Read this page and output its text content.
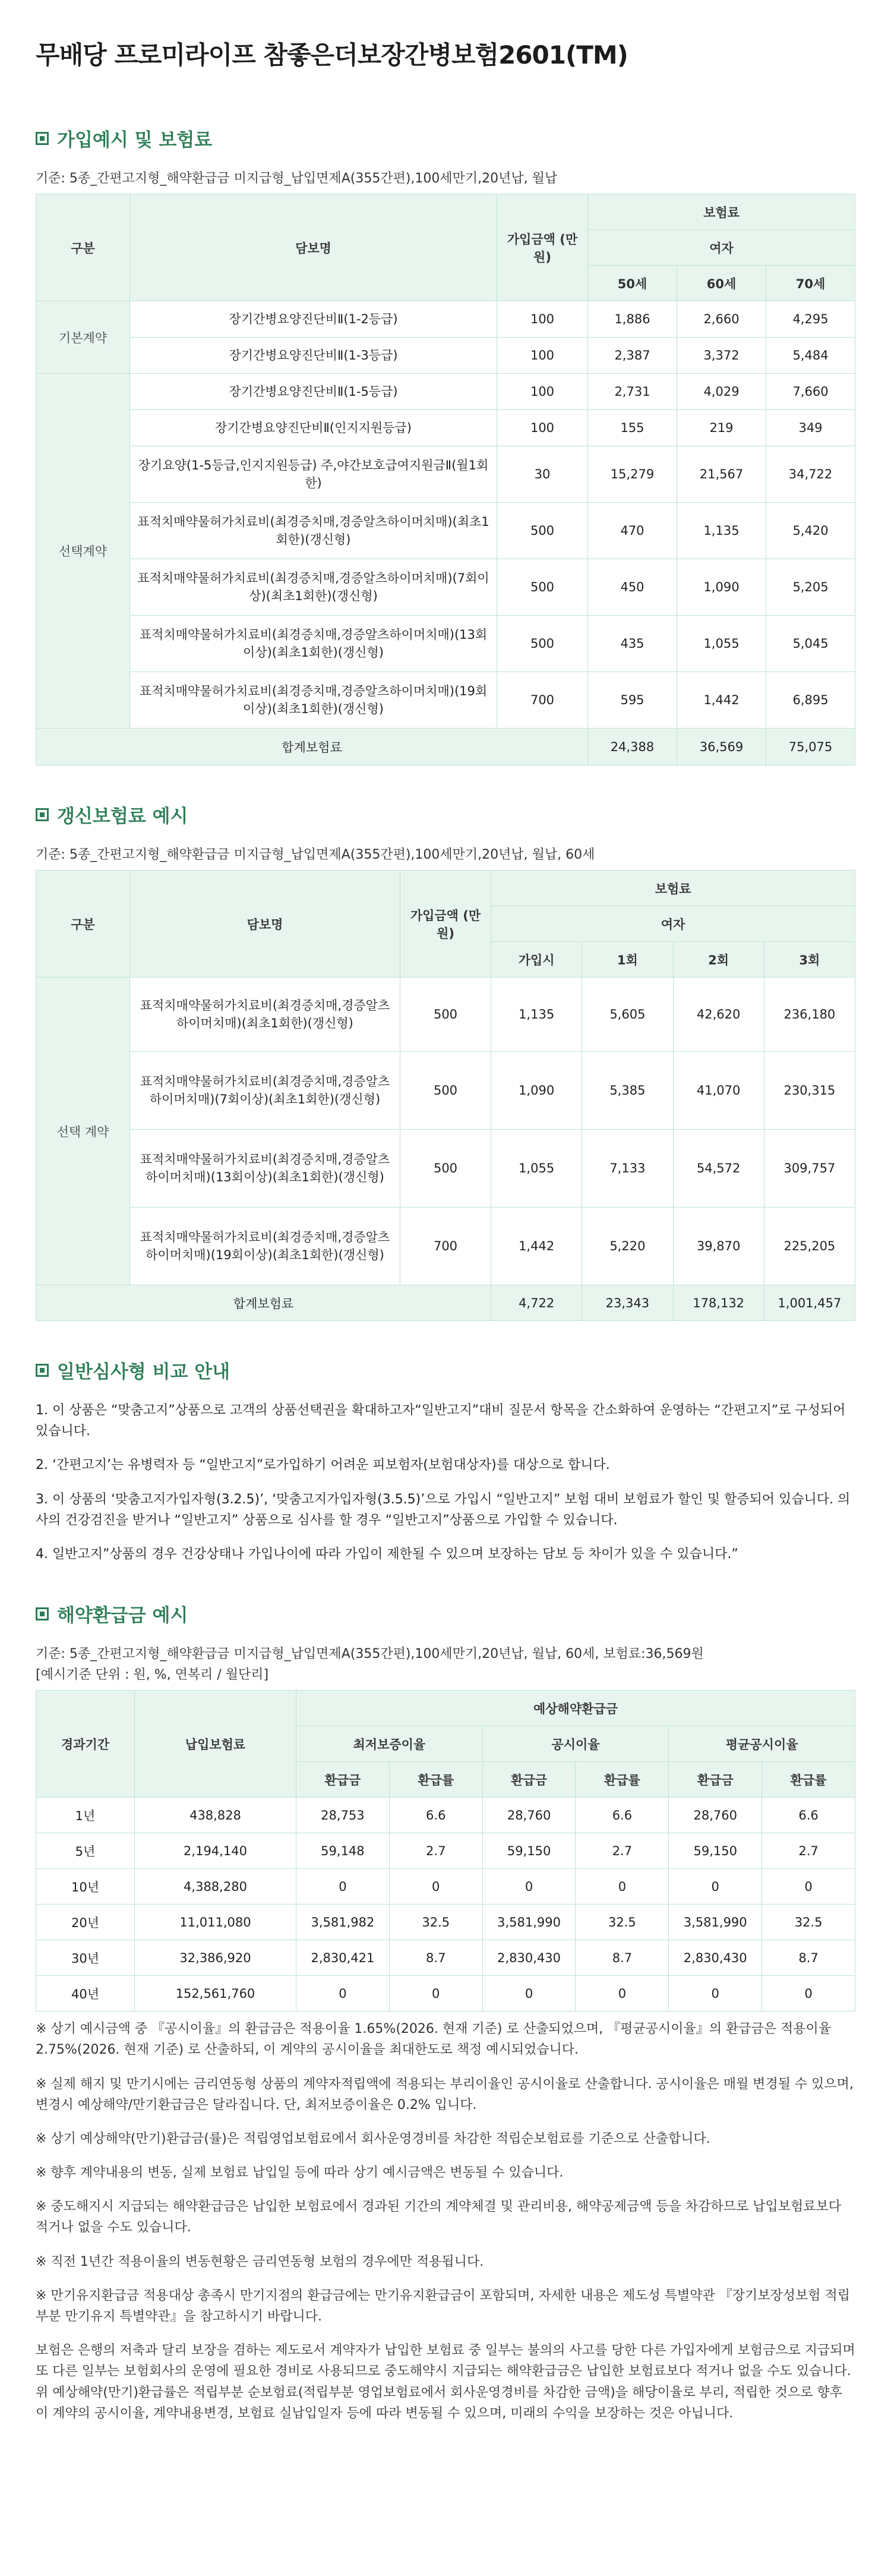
무배당 프로미라이프 참좋은더보장간병보험2601(TM)
가입예시 및 보험료

기준: 5종_간편고지형_해약환급금 미지급형_납입면제A(355간편),100세만기,20년납, 월납

구분	담보명	가입금액 (만원)	보험료		
			여자		
			50세	60세	70세
기본계약	장기간병요양진단비Ⅱ(1-2등급)	100	1,886	2,660	4,295
	장기간병요양진단비Ⅱ(1-3등급)	100	2,387	3,372	5,484
선택계약	장기간병요양진단비Ⅱ(1-5등급)	100	2,731	4,029	7,660
	장기간병요양진단비Ⅱ(인지지원등급)	100	155	219	349
	장기요양(1-5등급,인지지원등급) 주,야간보호급여지원금Ⅱ(월1회한)	30	15,279	21,567	34,722
	표적치매약물허가치료비(최경증치매,경증알츠하이머치매)(최초1회한)(갱신형)	500	470	1,135	5,420
	표적치매약물허가치료비(최경증치매,경증알츠하이머치매)(7회이상)(최초1회한)(갱신형)	500	450	1,090	5,205
	표적치매약물허가치료비(최경증치매,경증알츠하이머치매)(13회이상)(최초1회한)(갱신형)	500	435	1,055	5,045
	표적치매약물허가치료비(최경증치매,경증알츠하이머치매)(19회이상)(최초1회한)(갱신형)	700	595	1,442	6,895
합계보험료			24,388	36,569	75,075
갱신보험료 예시

기준: 5종_간편고지형_해약환급금 미지급형_납입면제A(355간편),100세만기,20년납, 월납, 60세

구분	담보명	가입금액 (만원)	보험료			
			여자			
			가입시	1회	2회	3회
선택 계약	표적치매약물허가치료비(최경증치매,경증알츠하이머치매)(최초1회한)(갱신형)	500	1,135	5,605	42,620	236,180
	표적치매약물허가치료비(최경증치매,경증알츠하이머치매)(7회이상)(최초1회한)(갱신형)	500	1,090	5,385	41,070	230,315
	표적치매약물허가치료비(최경증치매,경증알츠하이머치매)(13회이상)(최초1회한)(갱신형)	500	1,055	7,133	54,572	309,757
	표적치매약물허가치료비(최경증치매,경증알츠하이머치매)(19회이상)(최초1회한)(갱신형)	700	1,442	5,220	39,870	225,205
합계보험료			4,722	23,343	178,132	1,001,457
일반심사형 비교 안내
1. 이 상품은 “맞춤고지”상품으로 고객의 상품선택권을 확대하고자“일반고지”대비 질문서 항목을 간소화하여 운영하는 “간편고지”로 구성되어 있습니다.
2. ‘간편고지’는 유병력자 등 “일반고지”로가입하기 어려운 피보험자(보험대상자)를 대상으로 합니다.
3. 이 상품의 ‘맞춤고지가입자형(3.2.5)’, ‘맞춤고지가입자형(3.5.5)’으로 가입시 “일반고지” 보험 대비 보험료가 할인 및 할증되어 있습니다. 의사의 건강검진을 받거나 “일반고지” 상품으로 심사를 할 경우 “일반고지”상품으로 가입할 수 있습니다.
4. 일반고지”상품의 경우 건강상태나 가입나이에 따라 가입이 제한될 수 있으며 보장하는 담보 등 차이가 있을 수 있습니다.”
해약환급금 예시

기준: 5종_간편고지형_해약환급금 미지급형_납입면제A(355간편),100세만기,20년납, 월납, 60세, 보험료:36,569원

[예시기준 단위 : 원, %, 연복리 / 월단리]

경과기간	납입보험료	예상해약환급금					
		최저보증이율		공시이율		평균공시이율	
		환급금	환급률	환급금	환급률	환급금	환급률
1년	438,828	28,753	6.6	28,760	6.6	28,760	6.6
5년	2,194,140	59,148	2.7	59,150	2.7	59,150	2.7
10년	4,388,280	0	0	0	0	0	0
20년	11,011,080	3,581,982	32.5	3,581,990	32.5	3,581,990	32.5
30년	32,386,920	2,830,421	8.7	2,830,430	8.7	2,830,430	8.7
40년	152,561,760	0	0	0	0	0	0

※ 상기 예시금액 중 『공시이율』의 환급금은 적용이율 1.65%(2026. 현재 기준) 로 산출되었으며, 『평균공시이율』의 환급금은 적용이율 2.75%(2026. 현재 기준) 로 산출하되, 이 계약의 공시이율을 최대한도로 책정 예시되었습니다.

※ 실제 해지 및 만기시에는 금리연동형 상품의 계약자적립액에 적용되는 부리이율인 공시이율로 산출합니다. 공시이율은 매월 변경될 수 있으며, 변경시 예상해약/만기환급금은 달라집니다. 단, 최저보증이율은 0.2% 입니다.

※ 상기 예상해약(만기)환급금(률)은 적립영업보험료에서 회사운영경비를 차감한 적립순보험료를 기준으로 산출합니다.

※ 향후 계약내용의 변동, 실제 보험료 납입일 등에 따라 상기 예시금액은 변동될 수 있습니다.

※ 중도해지시 지급되는 해약환급금은 납입한 보험료에서 경과된 기간의 계약체결 및 관리비용, 해약공제금액 등을 차감하므로 납입보험료보다 적거나 없을 수도 있습니다.

※ 직전 1년간 적용이율의 변동현황은 금리연동형 보험의 경우에만 적용됩니다.

※ 만기유지환급금 적용대상 총족시 만기지점의 환급금에는 만기유지환급금이 포함되며, 자세한 내용은 제도성 특별약관 『장기보장성보험 적립부분 만기유지 특별약관』을 참고하시기 바랍니다.

보험은 은행의 저축과 달리 보장을 겸하는 제도로서 계약자가 납입한 보험료 중 일부는 불의의 사고를 당한 다른 가입자에게 보험금으로 지급되며 또 다른 일부는 보험회사의 운영에 필요한 경비로 사용되므로 중도해약시 지급되는 해약환급금은 납입한 보험료보다 적거나 없을 수도 있습니다. 위 예상해약(만기)환급률은 적립부분 순보험료(적립부분 영업보험료에서 회사운영경비를 차감한 금액)을 해당이율로 부리, 적립한 것으로 향후 이 계약의 공시이율, 계약내용변경, 보험료 실납입일자 등에 따라 변동될 수 있으며, 미래의 수익을 보장하는 것은 아닙니다.
